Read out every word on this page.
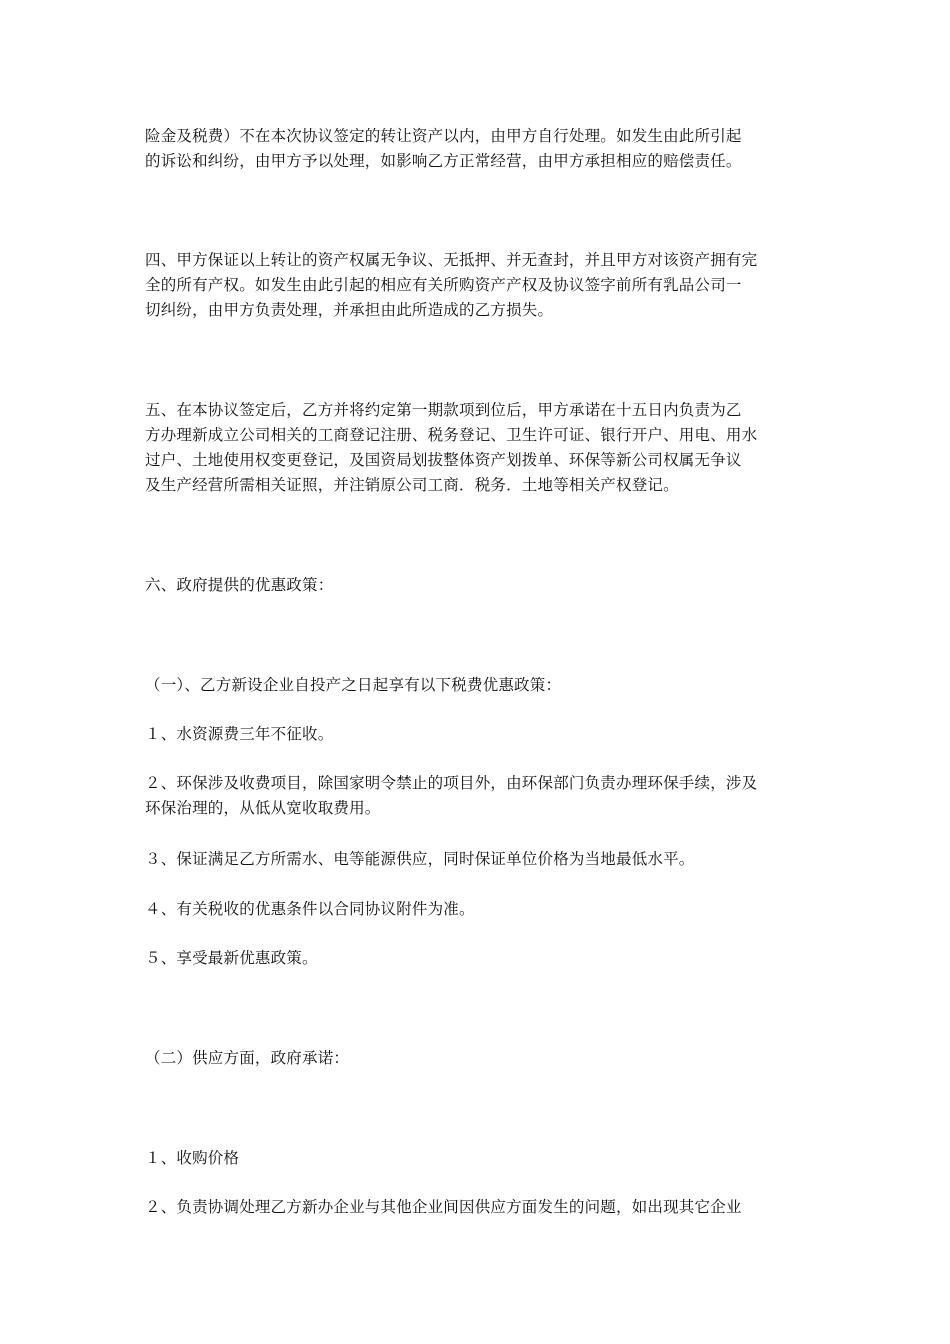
险金及税费）不在本次协议签定的转让资产以内，由甲方自行处理。如发生由此所引起
的诉讼和纠纷，由甲方予以处理，如影响乙方正常经营，由甲方承担相应的赔偿责任。

四、甲方保证以上转让的资产权属无争议、无抵押、并无查封，并且甲方对该资产拥有完
全的所有产权。如发生由此引起的相应有关所购资产产权及协议签字前所有乳品公司一
切纠纷，由甲方负责处理，并承担由此所造成的乙方损失。

五、在本协议签定后，乙方并将约定第一期款项到位后，甲方承诺在十五日内负责为乙
方办理新成立公司相关的工商登记注册、税务登记、卫生许可证、银行开户、用电、用水
过户、土地使用权变更登记，及国资局划拔整体资产划拨单、环保等新公司权属无争议
及生产经营所需相关证照，并注销原公司工商．税务．土地等相关产权登记。

六、政府提供的优惠政策：

（一）、乙方新设企业自投产之日起享有以下税费优惠政策：

１、水资源费三年不征收。

２、环保涉及收费项目，除国家明令禁止的项目外，由环保部门负责办理环保手续，涉及
环保治理的，从低从宽收取费用。

３、保证满足乙方所需水、电等能源供应，同时保证单位价格为当地最低水平。

４、有关税收的优惠条件以合同协议附件为准。

５、享受最新优惠政策。

（二）供应方面，政府承诺：

１、收购价格

２、负责协调处理乙方新办企业与其他企业间因供应方面发生的问题，如出现其它企业
